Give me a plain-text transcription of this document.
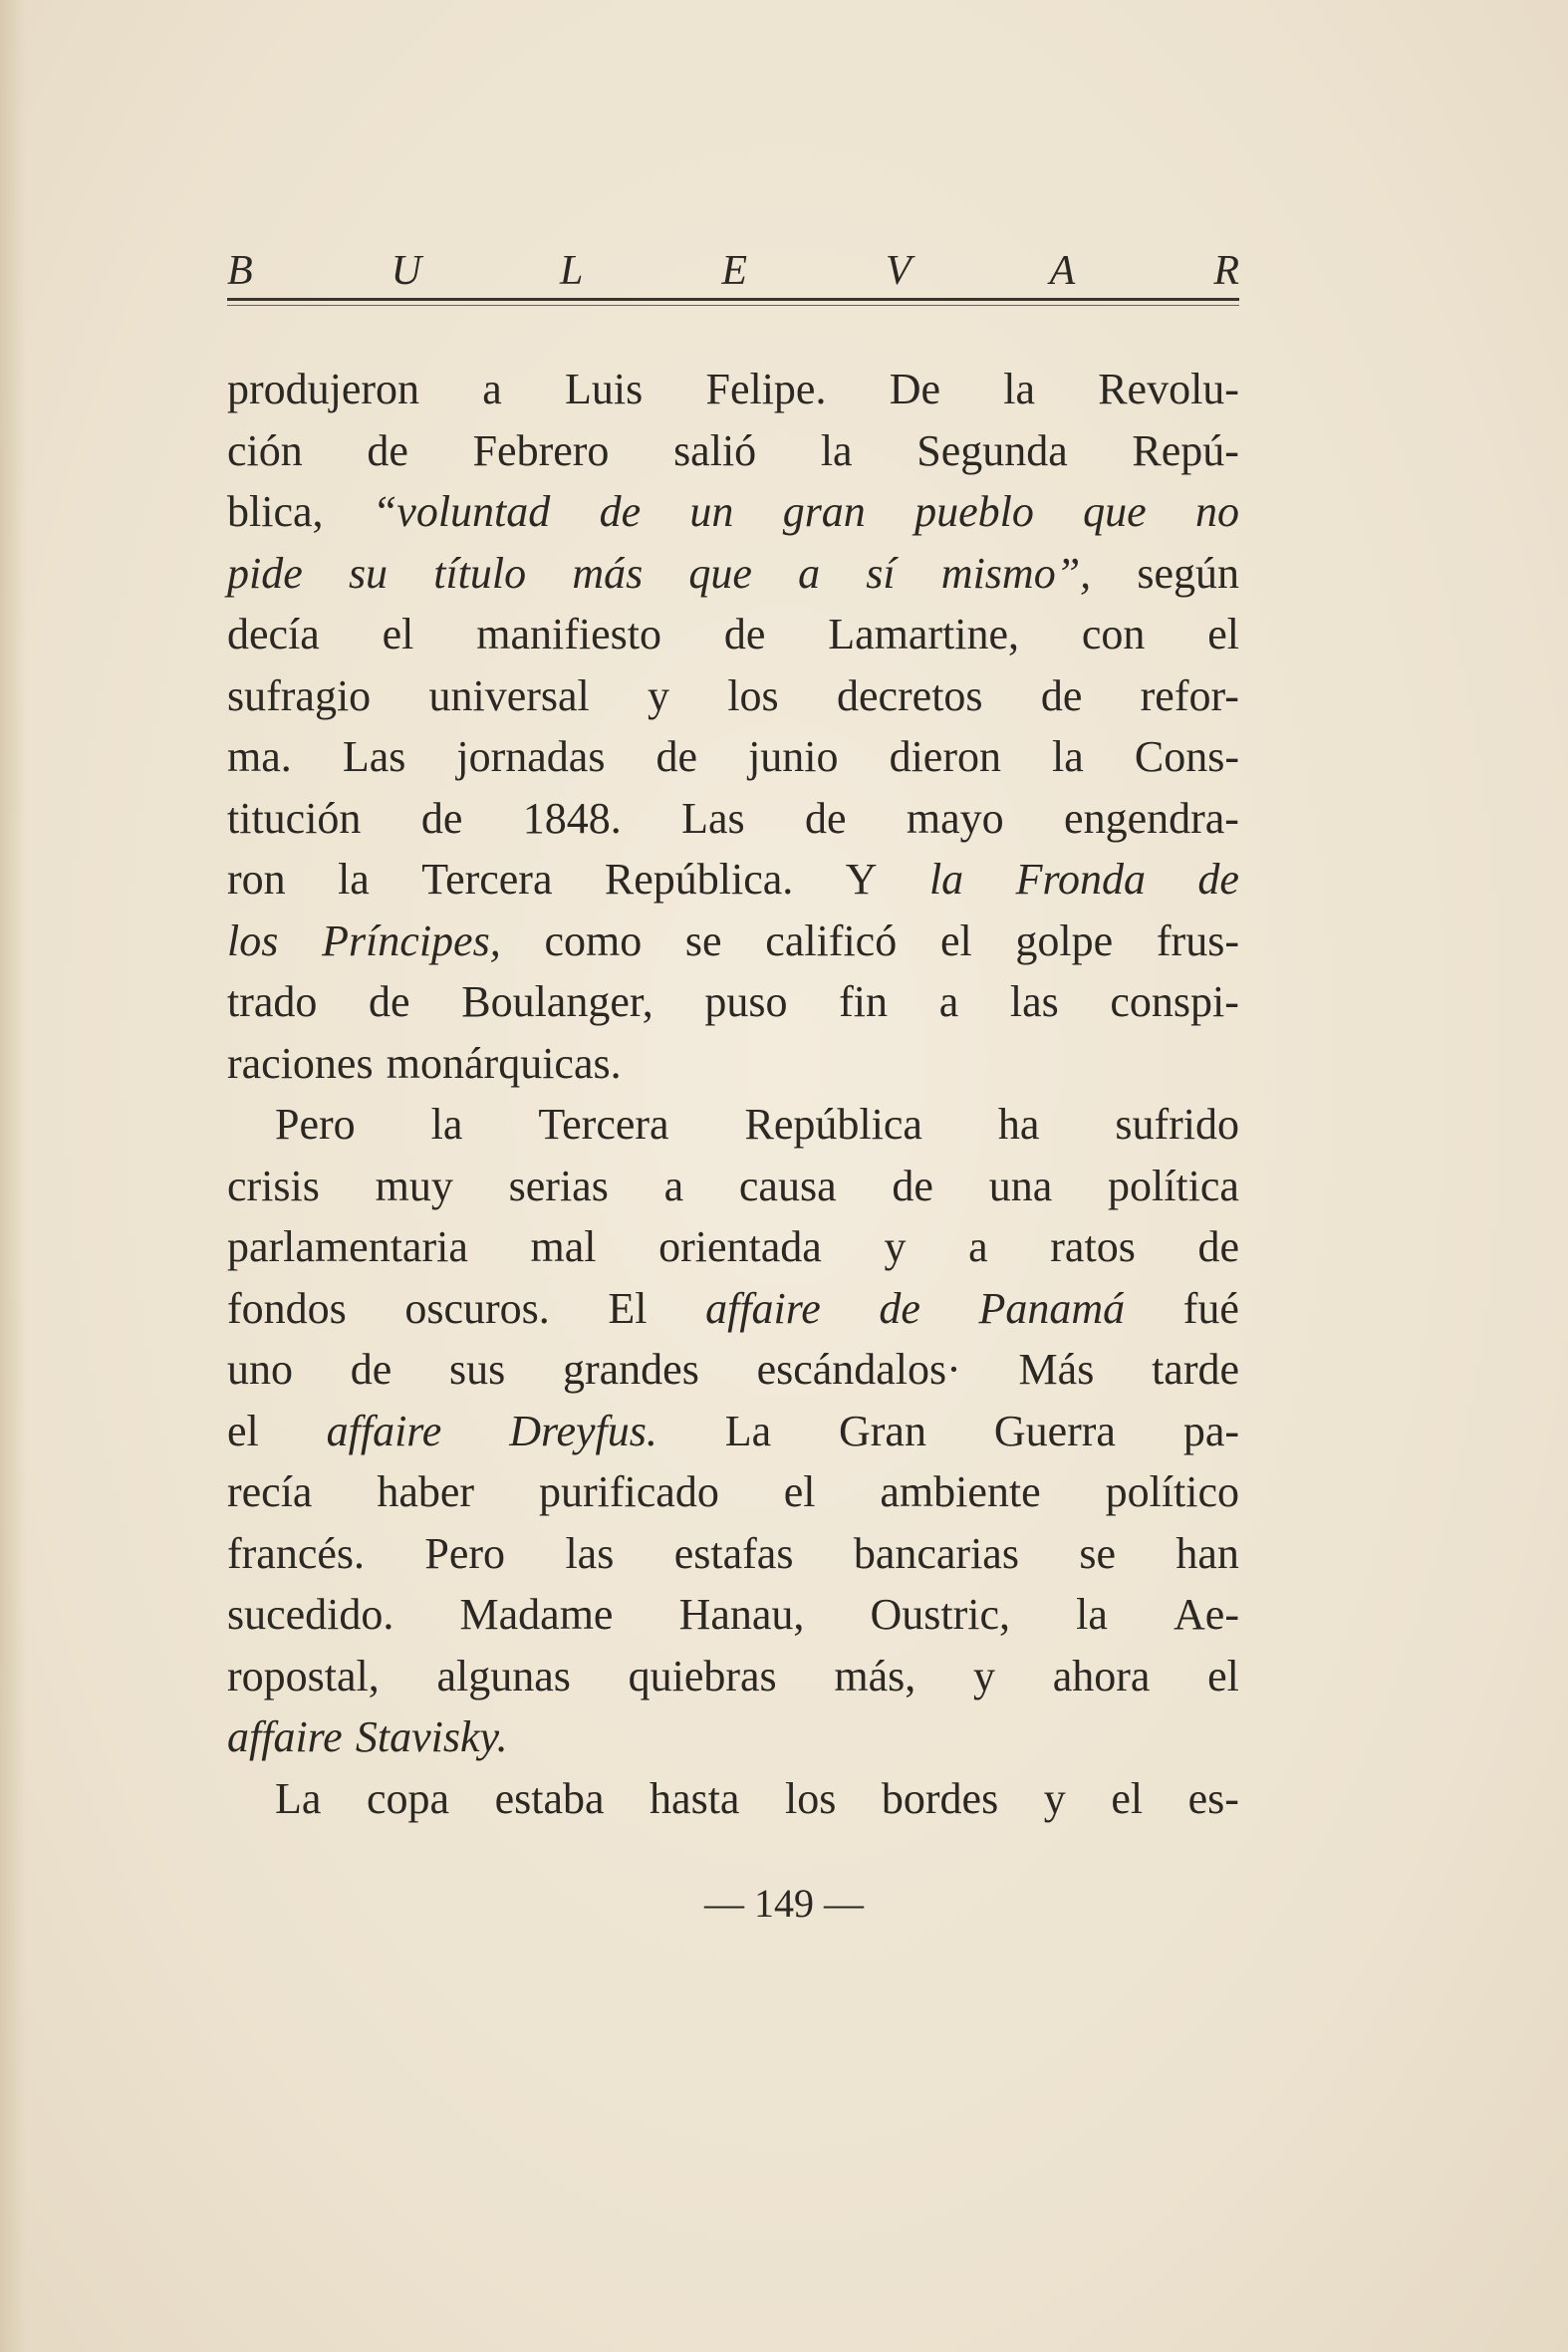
B	U	L	E	V	A	R
produjeron a Luis Felipe. De la Revolu-
ción de Febrero salió la Segunda Repú-
blica, “voluntad de un gran pueblo que no
pide su título más que a sí mismo”, según
decía el manifiesto de Lamartine, con el
sufragio universal y los decretos de refor-
ma. Las jornadas de junio dieron la Cons-
titución de 1848. Las de mayo engendra-
ron la Tercera República. Y la Fronda de
los Príncipes, como se calificó el golpe frus-
trado de Boulanger, puso fin a las conspi-
raciones monárquicas.
Pero la Tercera República ha sufrido
crisis muy serias a causa de una política
parlamentaria mal orientada y a ratos de
fondos oscuros. El affaire de Panamá fué
uno de sus grandes escándalos· Más tarde
el affaire Dreyfus. La Gran Guerra pa-
recía haber purificado el ambiente político
francés. Pero las estafas bancarias se han
sucedido. Madame Hanau, Oustric, la Ae-
ropostal, algunas quiebras más, y ahora el
affaire Stavisky.
La copa estaba hasta los bordes y el es-
— 149 —
